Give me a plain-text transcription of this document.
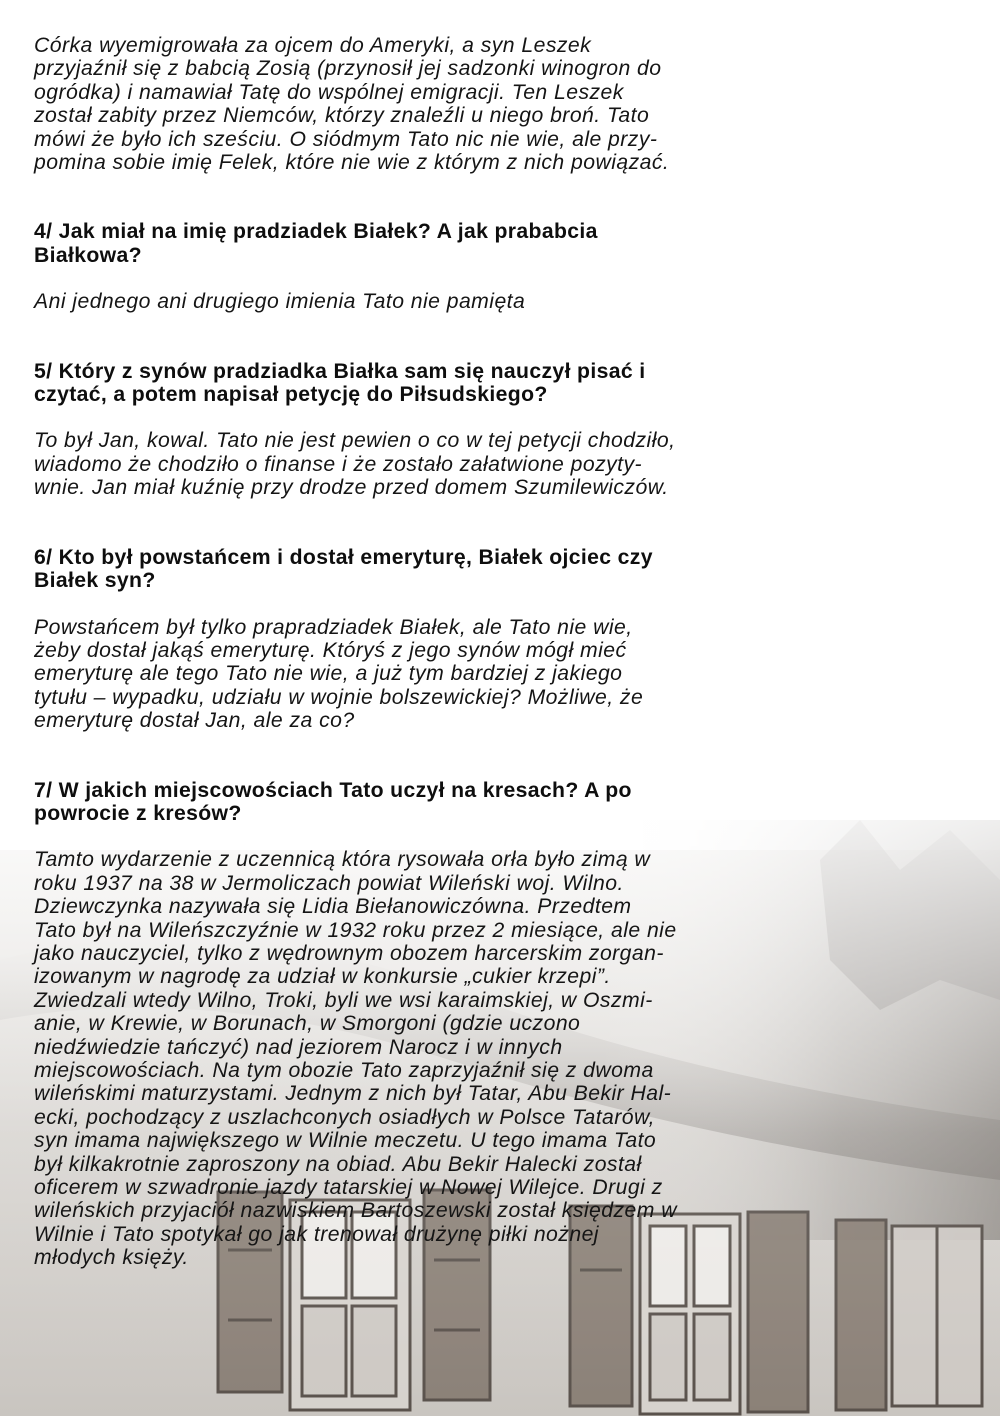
Córka wyemigrowała za ojcem do Ameryki, a syn Leszek
przyjaźnił się z babcią Zosią (przynosił jej sadzonki winogron do
ogródka) i namawiał Tatę do wspólnej emigracji. Ten Leszek
został zabity przez Niemców, którzy znaleźli u niego broń. Tato
mówi że było ich sześciu. O siódmym Tato nic nie wie, ale przy-
pomina sobie imię Felek, które nie wie z którym z nich powiązać.

4/ Jak miał na imię pradziadek Białek? A jak prababcia
Białkowa?

Ani jednego ani drugiego imienia Tato nie pamięta

5/ Który z synów pradziadka Białka sam się nauczył pisać i
czytać, a potem napisał petycję do Piłsudskiego?

To był Jan, kowal. Tato nie jest pewien o co w tej petycji chodziło,
wiadomo że chodziło o finanse i że zostało załatwione pozyty-
wnie. Jan miał kuźnię przy drodze przed domem Szumilewiczów.

6/ Kto był powstańcem i dostał emeryturę, Białek ojciec czy
Białek syn?

Powstańcem był tylko prapradziadek Białek, ale Tato nie wie,
żeby dostał jakąś emeryturę. Któryś z jego synów mógł mieć
emeryturę ale tego Tato nie wie, a już tym bardziej z jakiego
tytułu – wypadku, udziału w wojnie bolszewickiej? Możliwe, że
emeryturę dostał Jan, ale za co?

7/ W jakich miejscowościach Tato uczył na kresach? A po
powrocie z kresów?

Tamto wydarzenie z uczennicą która rysowała orła było zimą w
roku 1937 na 38 w Jermoliczach powiat Wileński woj. Wilno.
Dziewczynka nazywała się Lidia Biełanowiczówna. Przedtem
Tato był na Wileńszczyźnie w 1932 roku przez 2 miesiące, ale nie
jako nauczyciel, tylko z wędrownym obozem harcerskim zorgan-
izowanym w nagrodę za udział w konkursie „cukier krzepi”.
Zwiedzali wtedy Wilno, Troki, byli we wsi karaimskiej, w Oszmi-
anie, w Krewie, w Borunach, w Smorgoni (gdzie uczono
niedźwiedzie tańczyć) nad jeziorem Narocz i w innych
miejscowościach. Na tym obozie Tato zaprzyjaźnił się z dwoma
wileńskimi maturzystami. Jednym z nich był Tatar, Abu Bekir Hal-
ecki, pochodzący z uszlachconych osiadłych w Polsce Tatarów,
syn imama największego w Wilnie meczetu. U tego imama Tato
był kilkakrotnie zaproszony na obiad. Abu Bekir Halecki został
oficerem w szwadronie jazdy tatarskiej w Nowej Wilejce. Drugi z
wileńskich przyjaciół nazwiskiem Bartoszewski został księdzem w
Wilnie i Tato spotykał go jak trenował drużynę piłki nożnej
młodych księży.
